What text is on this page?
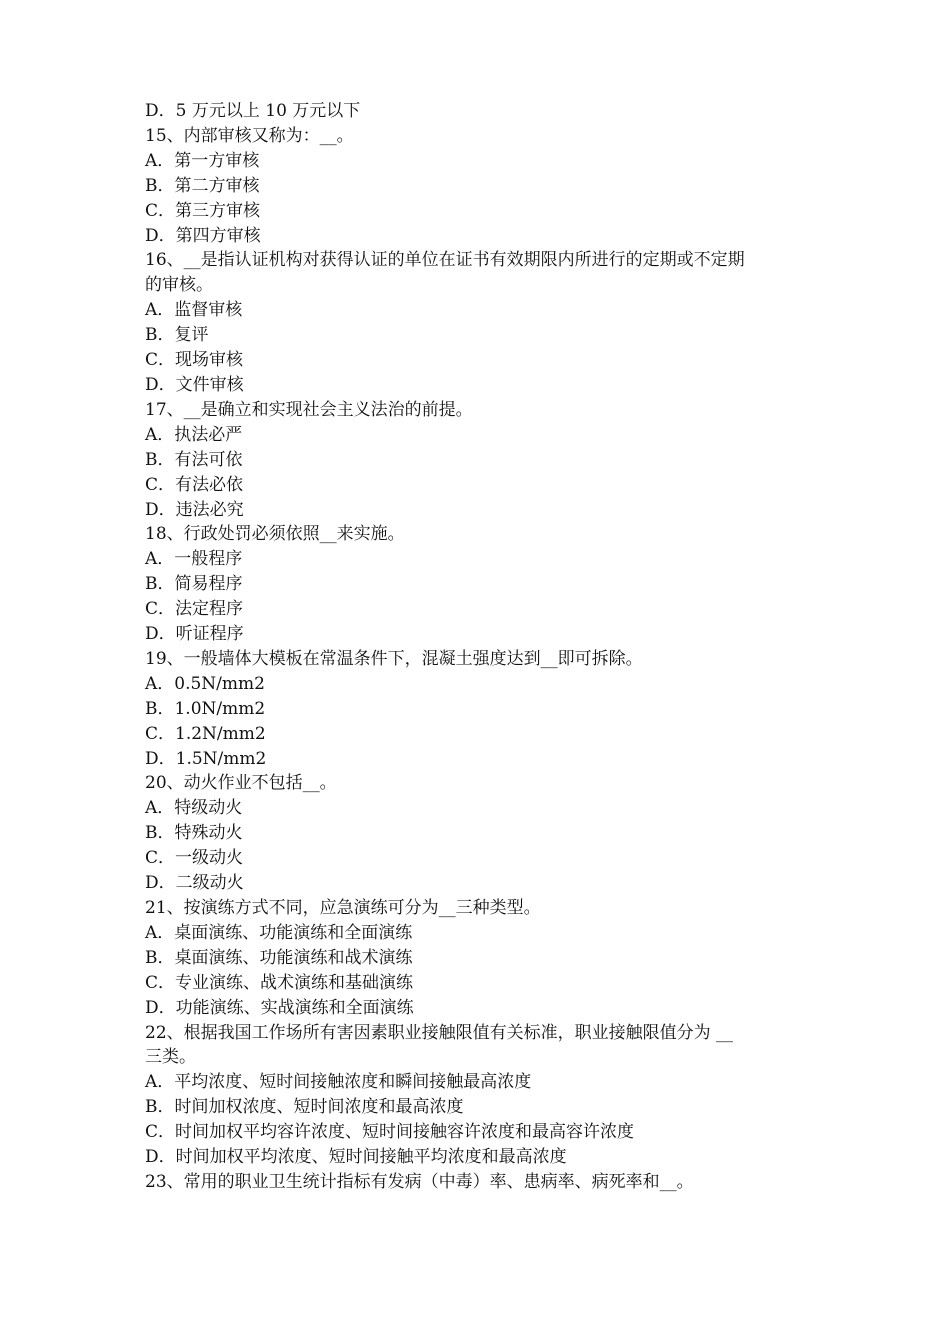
D．5 万元以上 10 万元以下
15、内部审核又称为：__。
A．第一方审核
B．第二方审核
C．第三方审核
D．第四方审核
16、__是指认证机构对获得认证的单位在证书有效期限内所进行的定期或不定期
的审核。
A．监督审核
B．复评
C．现场审核
D．文件审核
17、__是确立和实现社会主义法治的前提。
A．执法必严
B．有法可依
C．有法必依
D．违法必究
18、行政处罚必须依照__来实施。
A．一般程序
B．简易程序
C．法定程序
D．听证程序
19、一般墙体大模板在常温条件下，混凝土强度达到__即可拆除。
A．0.5N/mm2
B．1.0N/mm2
C．1.2N/mm2
D．1.5N/mm2
20、动火作业不包括__。
A．特级动火
B．特殊动火
C．一级动火
D．二级动火
21、按演练方式不同，应急演练可分为__三种类型。
A．桌面演练、功能演练和全面演练
B．桌面演练、功能演练和战术演练
C．专业演练、战术演练和基础演练
D．功能演练、实战演练和全面演练
22、根据我国工作场所有害因素职业接触限值有关标准，职业接触限值分为 __
三类。
A．平均浓度、短时间接触浓度和瞬间接触最高浓度
B．时间加权浓度、短时间浓度和最高浓度
C．时间加权平均容许浓度、短时间接触容许浓度和最高容许浓度
D．时间加权平均浓度、短时间接触平均浓度和最高浓度
23、常用的职业卫生统计指标有发病（中毒）率、患病率、病死率和__。
